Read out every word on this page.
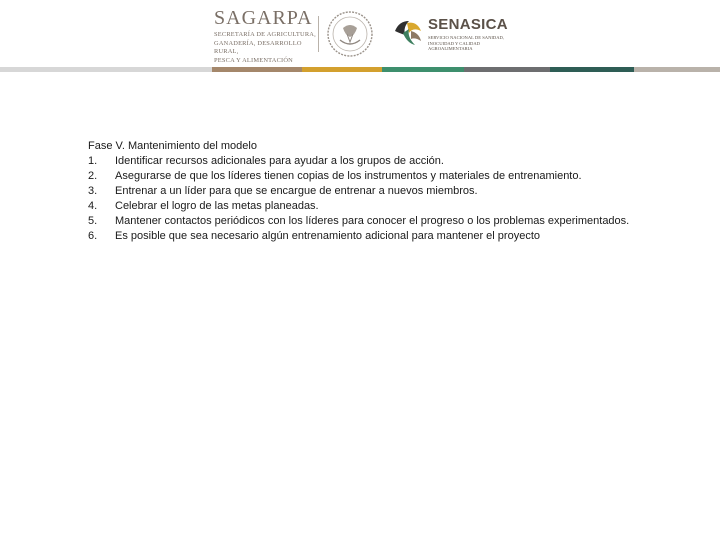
SAGARPA
SECRETARÍA DE AGRICULTURA,
GANADERÍA, DESARROLLO RURAL,
PESCA Y ALIMENTACIÓN
SENASICA
SERVICIO NACIONAL DE SANIDAD,
INOCUIDAD Y CALIDAD
AGROALIMENTARIA
Fase V. Mantenimiento del modelo
1. Identificar recursos adicionales para ayudar a los grupos de acción.
2. Asegurarse de que los líderes tienen copias de los instrumentos y materiales de entrenamiento.
3. Entrenar a un líder para que se encargue de entrenar a nuevos miembros.
4. Celebrar el logro de las metas planeadas.
5. Mantener contactos periódicos con los líderes para conocer el progreso o los problemas experimentados.
6. Es posible que sea necesario algún entrenamiento adicional para mantener el proyecto
